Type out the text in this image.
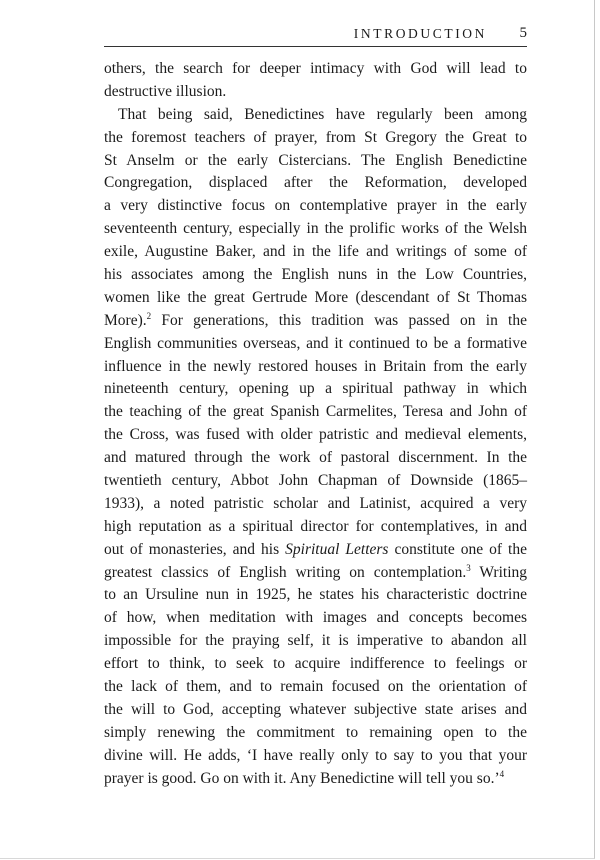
INTRODUCTION 5
others, the search for deeper intimacy with God will lead to
destructive illusion.
That being said, Benedictines have regularly been among
the foremost teachers of prayer, from St Gregory the Great to
St Anselm or the early Cistercians. The English Benedictine
Congregation, displaced after the Reformation, developed
a very distinctive focus on contemplative prayer in the early
seventeenth century, especially in the prolific works of the Welsh
exile, Augustine Baker, and in the life and writings of some of
his associates among the English nuns in the Low Countries,
women like the great Gertrude More (descendant of St Thomas
More).$^2$ For generations, this tradition was passed on in the
English communities overseas, and it continued to be a formative
influence in the newly restored houses in Britain from the early
nineteenth century, opening up a spiritual pathway in which
the teaching of the great Spanish Carmelites, Teresa and John of
the Cross, was fused with older patristic and medieval elements,
and matured through the work of pastoral discernment. In the
twentieth century, Abbot John Chapman of Downside (1865–
1933), a noted patristic scholar and Latinist, acquired a very
high reputation as a spiritual director for contemplatives, in and
out of monasteries, and his Spiritual Letters constitute one of the
greatest classics of English writing on contemplation.$^3$ Writing
to an Ursuline nun in 1925, he states his characteristic doctrine
of how, when meditation with images and concepts becomes
impossible for the praying self, it is imperative to abandon all
effort to think, to seek to acquire indifference to feelings or
the lack of them, and to remain focused on the orientation of
the will to God, accepting whatever subjective state arises and
simply renewing the commitment to remaining open to the
divine will. He adds, ‘I have really only to say to you that your
prayer is good. Go on with it. Any Benedictine will tell you so.’$^4$
